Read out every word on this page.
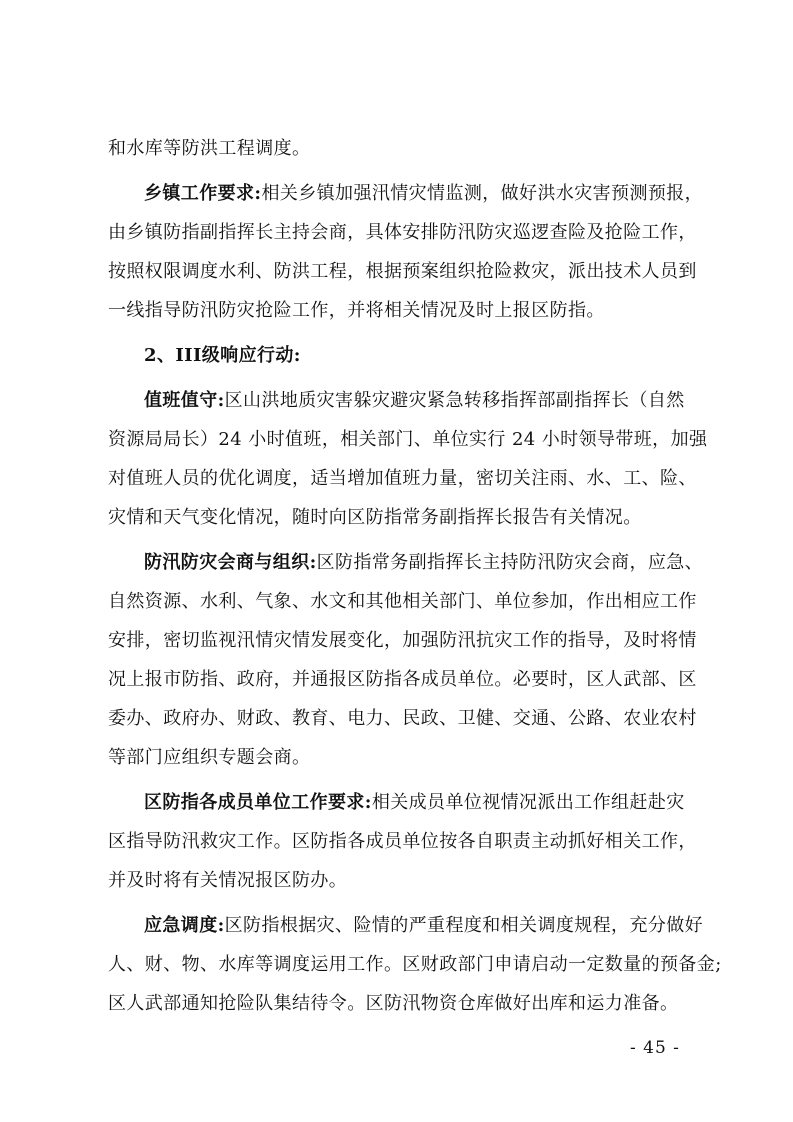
和水库等防洪工程调度。
乡镇工作要求:相关乡镇加强汛情灾情监测，做好洪水灾害预测预报，
由乡镇防指副指挥长主持会商，具体安排防汛防灾巡逻查险及抢险工作，
按照权限调度水利、防洪工程，根据预案组织抢险救灾，派出技术人员到
一线指导防汛防灾抢险工作，并将相关情况及时上报区防指。
2、III级响应行动:
值班值守:区山洪地质灾害躲灾避灾紧急转移指挥部副指挥长（自然
资源局局长）24 小时值班，相关部门、单位实行 24 小时领导带班，加强
对值班人员的优化调度，适当增加值班力量，密切关注雨、水、工、险、
灾情和天气变化情况，随时向区防指常务副指挥长报告有关情况。
防汛防灾会商与组织:区防指常务副指挥长主持防汛防灾会商，应急、
自然资源、水利、气象、水文和其他相关部门、单位参加，作出相应工作
安排，密切监视汛情灾情发展变化，加强防汛抗灾工作的指导，及时将情
况上报市防指、政府，并通报区防指各成员单位。必要时，区人武部、区
委办、政府办、财政、教育、电力、民政、卫健、交通、公路、农业农村
等部门应组织专题会商。
区防指各成员单位工作要求:相关成员单位视情况派出工作组赶赴灾
区指导防汛救灾工作。区防指各成员单位按各自职责主动抓好相关工作，
并及时将有关情况报区防办。
应急调度:区防指根据灾、险情的严重程度和相关调度规程，充分做好
人、财、物、水库等调度运用工作。区财政部门申请启动一定数量的预备金;
区人武部通知抢险队集结待令。区防汛物资仓库做好出库和运力准备。
- 45 -
